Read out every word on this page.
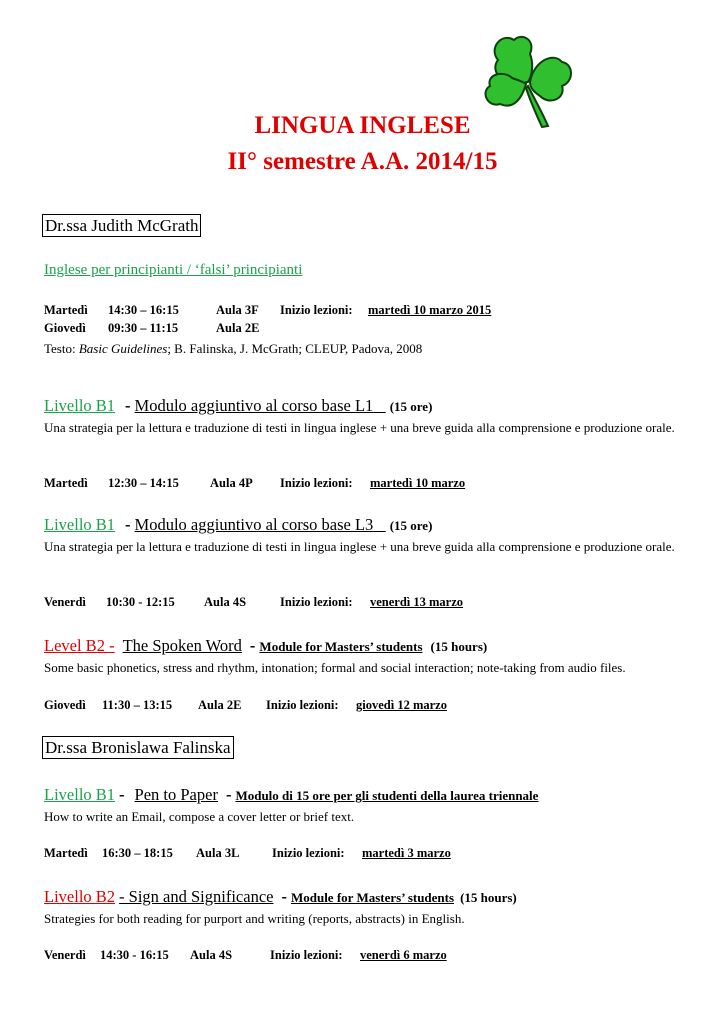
LINGUA INGLESE
II° semestre A.A. 2014/15
Dr.ssa Judith McGrath
Inglese per principianti / ‘falsi’ principianti
Martedì 14:30 – 16:15	Aula 3F Inizio lezioni: martedì 10 marzo 2015
Giovedì 09:30 – 11:15	Aula 2E
Testo: Basic Guidelines; B. Falinska, J. McGrath; CLEUP, Padova, 2008
Livello B1 - Modulo aggiuntivo al corso base L1 (15 ore)
Una strategia per la lettura e traduzione di testi in lingua inglese + una breve guida alla comprensione e produzione orale.
Martedì 12:30 – 14:15 Aula 4P Inizio lezioni: martedì 10 marzo
Livello B1 - Modulo aggiuntivo al corso base L3 (15 ore)
Una strategia per la lettura e traduzione di testi in lingua inglese + una breve guida alla comprensione e produzione orale.
Venerdì 10:30 - 12:15 Aula 4S	Inizio lezioni: venerdì 13 marzo
Level B2 - The Spoken Word - Module for Masters’ students (15 hours)
Some basic phonetics, stress and rhythm, intonation; formal and social interaction; note-taking from audio files.
Giovedì 11:30 – 13:15 Aula 2E Inizio lezioni: giovedì 12 marzo
Dr.ssa Bronislawa Falinska
Livello B1 - Pen to Paper - Modulo di 15 ore per gli studenti della laurea triennale
How to write an Email, compose a cover letter or brief text.
Martedì 16:30 – 18:15 Aula 3L	Inizio lezioni: martedì 3 marzo
Livello B2 - Sign and Significance - Module for Masters’ students (15 hours)
Strategies for both reading for purport and writing (reports, abstracts) in English.
Venerdì 14:30 - 16:15 Aula 4S	Inizio lezioni: venerdì 6 marzo
